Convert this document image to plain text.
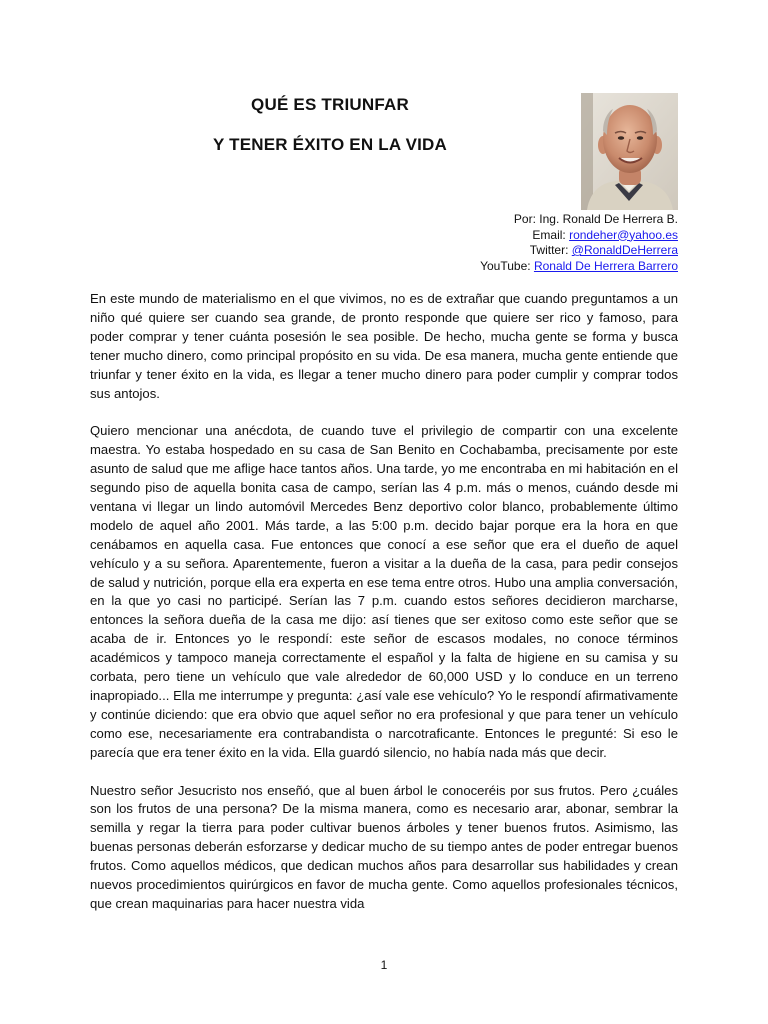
QUÉ ES TRIUNFAR
Y TENER ÉXITO EN LA VIDA
Por: Ing. Ronald De Herrera B.
Email: rondeher@yahoo.es
Twitter: @RonaldDeHerrera
YouTube: Ronald De Herrera Barrero

En este mundo de materialismo en el que vivimos, no es de extrañar que cuando preguntamos a un niño qué quiere ser cuando sea grande, de pronto responde que quiere ser rico y famoso, para poder comprar y tener cuánta posesión le sea posible. De hecho, mucha gente se forma y busca tener mucho dinero, como principal propósito en su vida. De esa manera, mucha gente entiende que triunfar y tener éxito en la vida, es llegar a tener mucho dinero para poder cumplir y comprar todos sus antojos.

Quiero mencionar una anécdota, de cuando tuve el privilegio de compartir con una excelente maestra. Yo estaba hospedado en su casa de San Benito en Cochabamba, precisamente por este asunto de salud que me aflige hace tantos años. Una tarde, yo me encontraba en mi habitación en el segundo piso de aquella bonita casa de campo, serían las 4 p.m. más o menos, cuándo desde mi ventana vi llegar un lindo automóvil Mercedes Benz deportivo color blanco, probablemente último modelo de aquel año 2001. Más tarde, a las 5:00 p.m. decido bajar porque era la hora en que cenábamos en aquella casa. Fue entonces que conocí a ese señor que era el dueño de aquel vehículo y a su señora. Aparentemente, fueron a visitar a la dueña de la casa, para pedir consejos de salud y nutrición, porque ella era experta en ese tema entre otros. Hubo una amplia conversación, en la que yo casi no participé. Serían las 7 p.m. cuando estos señores decidieron marcharse, entonces la señora dueña de la casa me dijo: así tienes que ser exitoso como este señor que se acaba de ir. Entonces yo le respondí: este señor de escasos modales, no conoce términos académicos y tampoco maneja correctamente el español y la falta de higiene en su camisa y su corbata, pero tiene un vehículo que vale alrededor de 60,000 USD y lo conduce en un terreno inapropiado... Ella me interrumpe y pregunta: ¿así vale ese vehículo? Yo le respondí afirmativamente y continúe diciendo: que era obvio que aquel señor no era profesional y que para tener un vehículo como ese, necesariamente era contrabandista o narcotraficante. Entonces le pregunté: Si eso le parecía que era tener éxito en la vida. Ella guardó silencio, no había nada más que decir.

Nuestro señor Jesucristo nos enseñó, que al buen árbol le conoceréis por sus frutos. Pero ¿cuáles son los frutos de una persona? De la misma manera, como es necesario arar, abonar, sembrar la semilla y regar la tierra para poder cultivar buenos árboles y tener buenos frutos. Asimismo, las buenas personas deberán esforzarse y dedicar mucho de su tiempo antes de poder entregar buenos frutos. Como aquellos médicos, que dedican muchos años para desarrollar sus habilidades y crean nuevos procedimientos quirúrgicos en favor de mucha gente. Como aquellos profesionales técnicos, que crean maquinarias para hacer nuestra vida

1
